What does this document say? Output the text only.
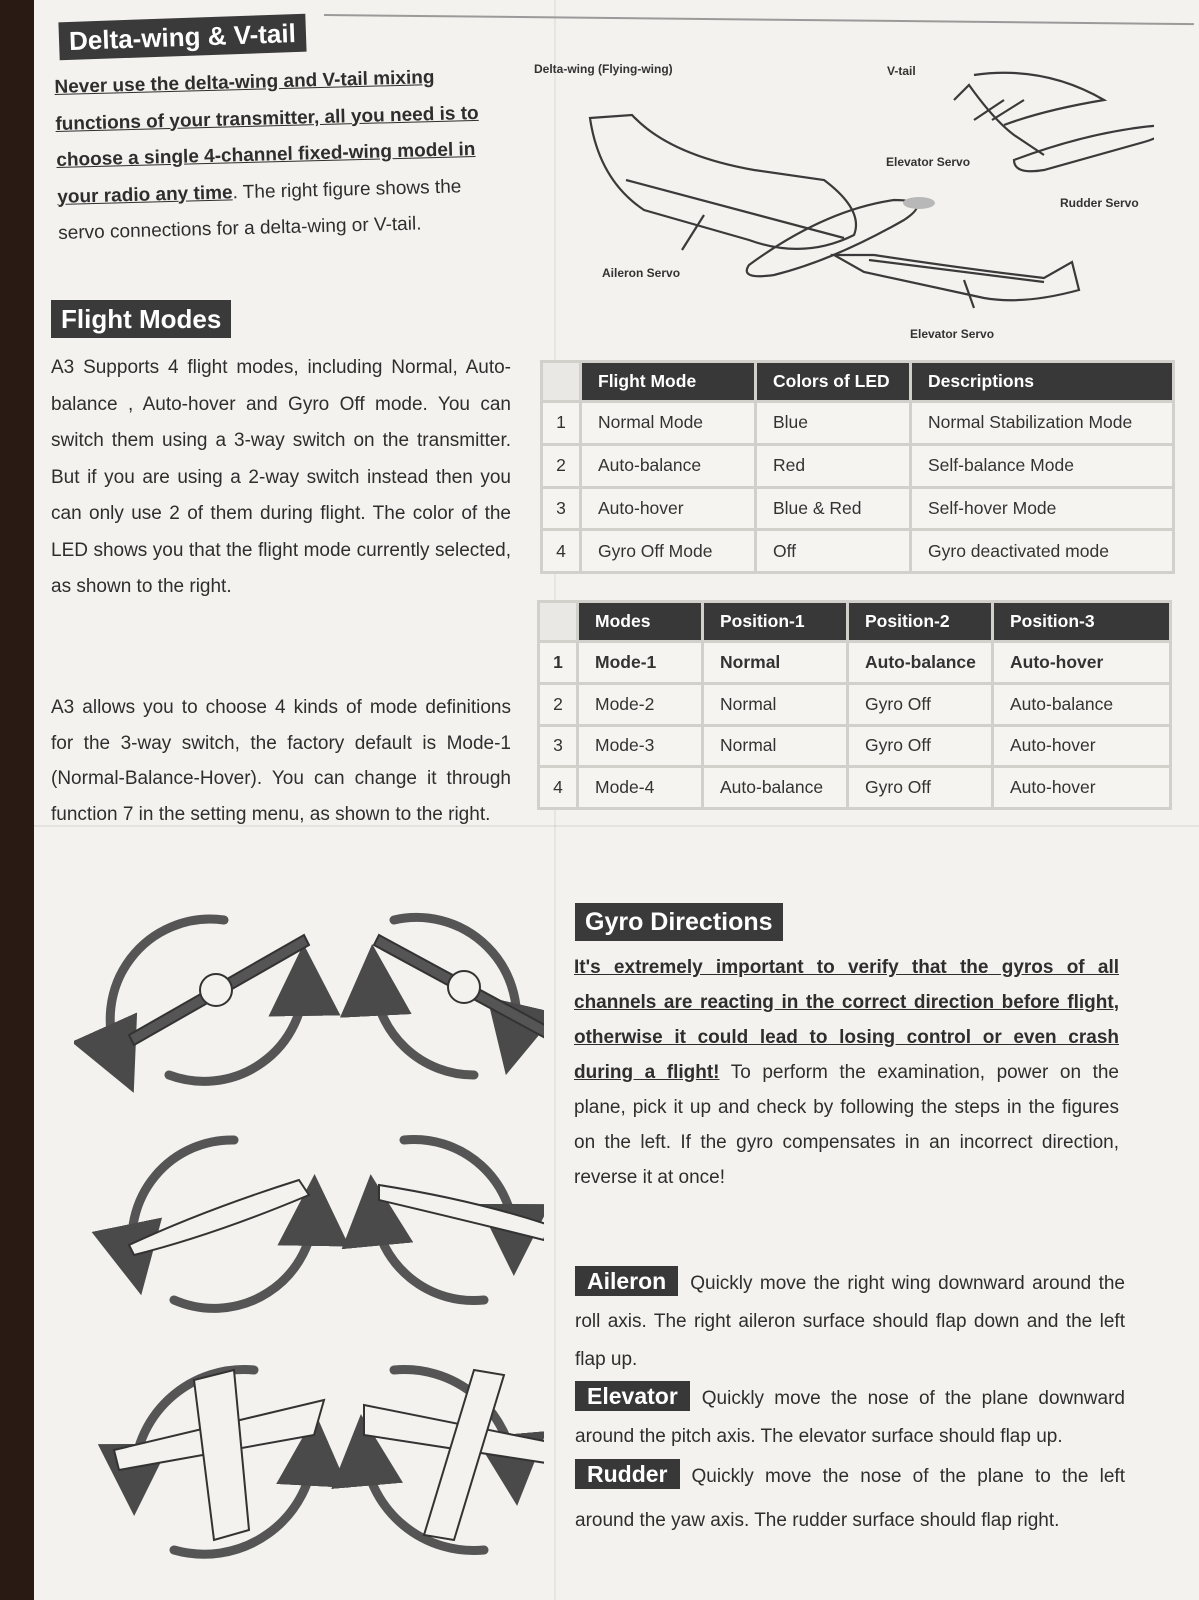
Delta-wing & V-tail
Never use the delta-wing and V-tail mixing
functions of your transmitter, all you need is to
choose a single 4-channel fixed-wing model in
your radio any time. The right figure shows the
servo connections for a delta-wing or V-tail.
Delta-wing (Flying-wing)	V-tail
Elevator Servo
Rudder Servo
Aileron Servo
Elevator Servo
Flight Modes
A3 Supports 4 flight modes, including Normal, Auto-balance , Auto-hover and Gyro Off mode. You can switch them using a 3-way switch on the transmitter. But if you are using a 2-way switch instead then you can only use 2 of them during flight. The color of the LED shows you that the flight mode currently selected, as shown to the right.
A3 allows you to choose 4 kinds of mode definitions for the 3-way switch, the factory default is Mode-1 (Normal-Balance-Hover). You can change it through function 7 in the setting menu, as shown to the right.
	Flight Mode	Colors of LED	Descriptions
1	Normal Mode	Blue	Normal Stabilization Mode
2	Auto-balance	Red	Self-balance Mode
3	Auto-hover	Blue & Red	Self-hover Mode
4	Gyro Off Mode	Off	Gyro deactivated mode
	Modes	Position-1	Position-2	Position-3
1	Mode-1	Normal	Auto-balance	Auto-hover
2	Mode-2	Normal	Gyro Off	Auto-balance
3	Mode-3	Normal	Gyro Off	Auto-hover
4	Mode-4	Auto-balance	Gyro Off	Auto-hover
Gyro Directions
It's extremely important to verify that the gyros of all channels are reacting in the correct direction before flight, otherwise it could lead to losing control or even crash during a flight! To perform the examination, power on the plane, pick it up and check by following the steps in the figures on the left. If the gyro compensates in an incorrect direction, reverse it at once!
Aileron Quickly move the right wing downward around the roll axis. The right aileron surface should flap down and the left flap up.
Elevator Quickly move the nose of the plane downward around the pitch axis. The elevator surface should flap up.
Rudder Quickly move the nose of the plane to the left around the yaw axis. The rudder surface should flap right.
